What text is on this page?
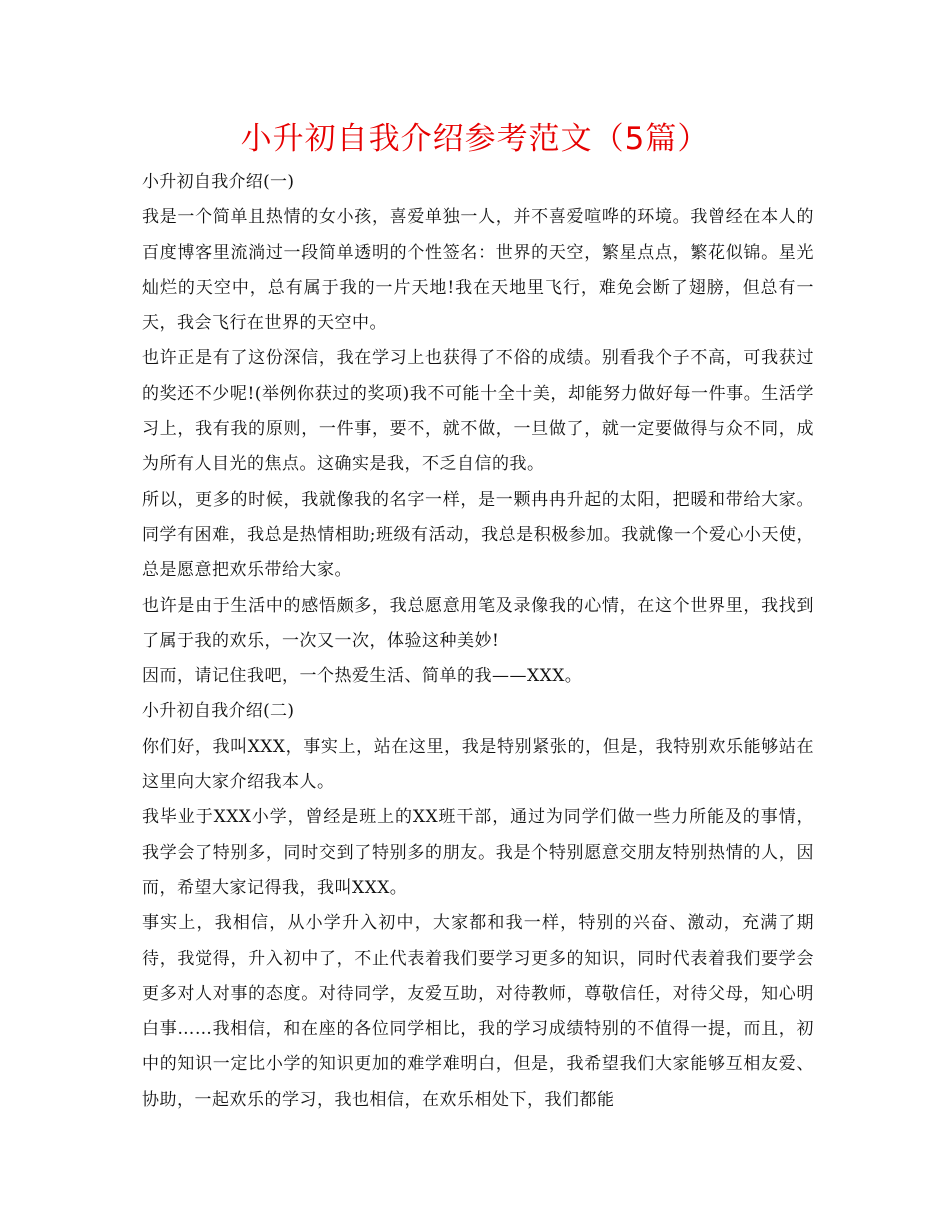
小升初自我介绍参考范文（5篇）

小升初自我介绍(一)

我是一个简单且热情的女小孩，喜爱单独一人，并不喜爱喧哗的环境。我曾经在本人的百度博客里流淌过一段简单透明的个性签名：世界的天空，繁星点点，繁花似锦。星光灿烂的天空中，总有属于我的一片天地!我在天地里飞行，难免会断了翅膀，但总有一天，我会飞行在世界的天空中。

也许正是有了这份深信，我在学习上也获得了不俗的成绩。别看我个子不高，可我获过的奖还不少呢!(举例你获过的奖项)我不可能十全十美，却能努力做好每一件事。生活学习上，我有我的原则，一件事，要不，就不做，一旦做了，就一定要做得与众不同，成为所有人目光的焦点。这确实是我，不乏自信的我。

所以，更多的时候，我就像我的名字一样，是一颗冉冉升起的太阳，把暖和带给大家。同学有困难，我总是热情相助;班级有活动，我总是积极参加。我就像一个爱心小天使，总是愿意把欢乐带给大家。

也许是由于生活中的感悟颇多，我总愿意用笔及录像我的心情，在这个世界里，我找到了属于我的欢乐，一次又一次，体验这种美妙!

因而，请记住我吧，一个热爱生活、简单的我——XXX。

小升初自我介绍(二)

你们好，我叫XXX，事实上，站在这里，我是特别紧张的，但是，我特别欢乐能够站在这里向大家介绍我本人。

我毕业于XXX小学，曾经是班上的XX班干部，通过为同学们做一些力所能及的事情，我学会了特别多，同时交到了特别多的朋友。我是个特别愿意交朋友特别热情的人，因而，希望大家记得我，我叫XXX。

事实上，我相信，从小学升入初中，大家都和我一样，特别的兴奋、激动，充满了期待，我觉得，升入初中了，不止代表着我们要学习更多的知识，同时代表着我们要学会更多对人对事的态度。对待同学，友爱互助，对待教师，尊敬信任，对待父母，知心明白事……我相信，和在座的各位同学相比，我的学习成绩特别的不值得一提，而且，初中的知识一定比小学的知识更加的难学难明白，但是，我希望我们大家能够互相友爱、协助，一起欢乐的学习，我也相信，在欢乐相处下，我们都能
